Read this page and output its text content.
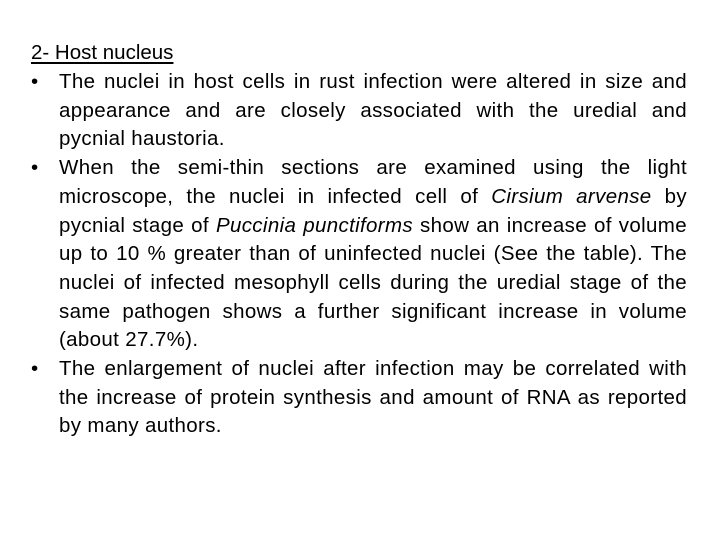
2- Host nucleus
• The nuclei in host cells in rust infection were altered in size and appearance and are closely associated with the uredial and pycnial haustoria.
• When the semi-thin sections are examined using the light microscope, the nuclei in infected cell of Cirsium arvense by pycnial stage of Puccinia punctiforms show an increase of volume up to 10 % greater than of uninfected nuclei (See the table). The nuclei of infected mesophyll cells during the uredial stage of the same pathogen shows a further significant increase in volume (about 27.7%).
• The enlargement of nuclei after infection may be correlated with the increase of protein synthesis and amount of RNA as reported by many authors.
